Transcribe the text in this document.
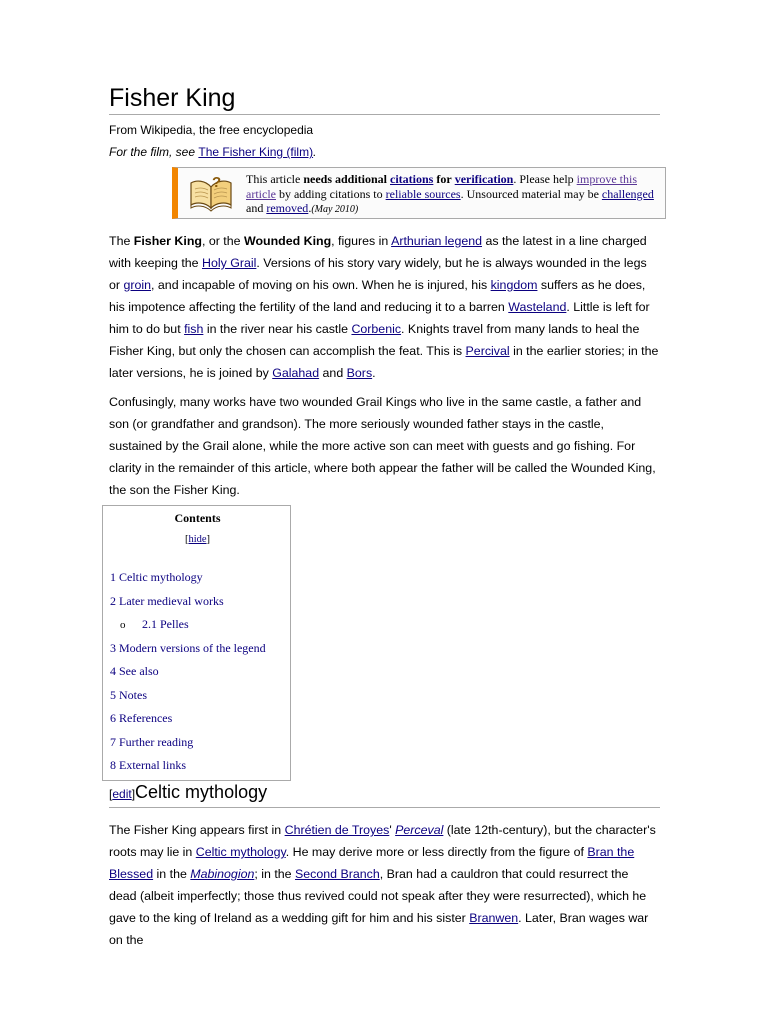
Fisher King
From Wikipedia, the free encyclopedia
For the film, see The Fisher King (film).
? This article needs additional citations for verification. Please help improve this article by adding citations to reliable sources. Unsourced material may be challenged and removed.(May 2010)
The Fisher King, or the Wounded King, figures in Arthurian legend as the latest in a line charged with keeping the Holy Grail. Versions of his story vary widely, but he is always wounded in the legs or groin, and incapable of moving on his own. When he is injured, his kingdom suffers as he does, his impotence affecting the fertility of the land and reducing it to a barren Wasteland. Little is left for him to do but fish in the river near his castle Corbenic. Knights travel from many lands to heal the Fisher King, but only the chosen can accomplish the feat. This is Percival in the earlier stories; in the later versions, he is joined by Galahad and Bors.
Confusingly, many works have two wounded Grail Kings who live in the same castle, a father and son (or grandfather and grandson). The more seriously wounded father stays in the castle, sustained by the Grail alone, while the more active son can meet with guests and go fishing. For clarity in the remainder of this article, where both appear the father will be called the Wounded King, the son the Fisher King.
Contents
[hide]
1 Celtic mythology
2 Later medieval works
o 2.1 Pelles
3 Modern versions of the legend
4 See also
5 Notes
6 References
7 Further reading
8 External links
[edit]Celtic mythology
The Fisher King appears first in Chrétien de Troyes' Perceval (late 12th-century), but the character's roots may lie in Celtic mythology. He may derive more or less directly from the figure of Bran the Blessed in the Mabinogion; in the Second Branch, Bran had a cauldron that could resurrect the dead (albeit imperfectly; those thus revived could not speak after they were resurrected), which he gave to the king of Ireland as a wedding gift for him and his sister Branwen. Later, Bran wages war on the
